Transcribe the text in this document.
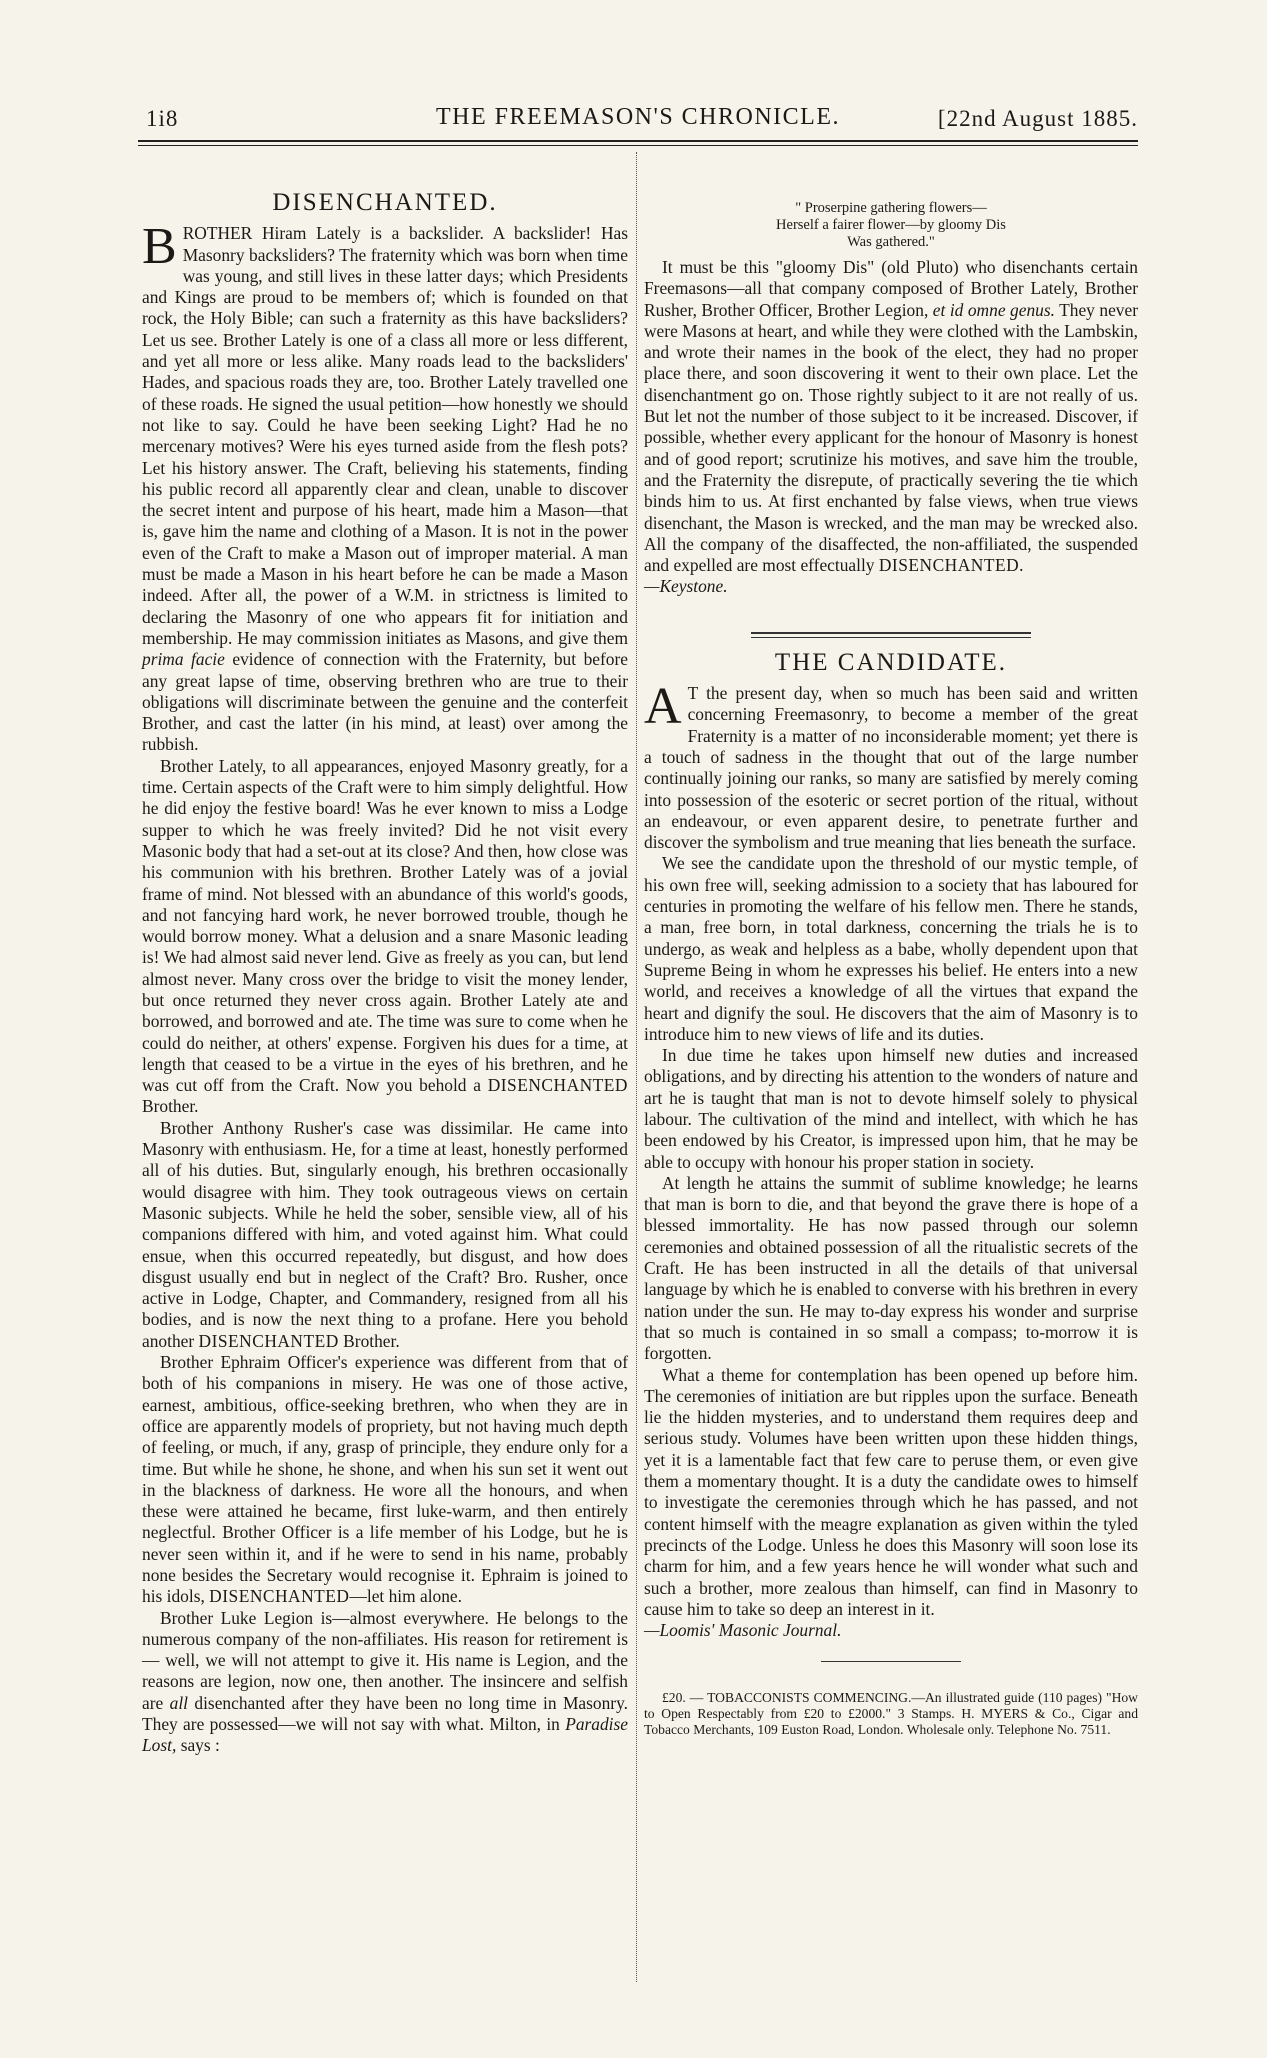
1i8	THE FREEMASON'S CHRONICLE.	[22nd August 1885.
DISENCHANTED.

BROTHER Hiram Lately is a backslider. A backslider! Has Masonry backsliders? The fraternity which was born when time was young, and still lives in these latter days; which Presidents and Kings are proud to be members of; which is founded on that rock, the Holy Bible; can such a fraternity as this have backsliders? Let us see. Brother Lately is one of a class all more or less different, and yet all more or less alike. Many roads lead to the backsliders' Hades, and spacious roads they are, too. Brother Lately travelled one of these roads. He signed the usual petition—how honestly we should not like to say. Could he have been seeking Light? Had he no mercenary motives? Were his eyes turned aside from the flesh pots? Let his history answer. The Craft, believing his statements, finding his public record all apparently clear and clean, unable to discover the secret intent and purpose of his heart, made him a Mason—that is, gave him the name and clothing of a Mason. It is not in the power even of the Craft to make a Mason out of improper material. A man must be made a Mason in his heart before he can be made a Mason indeed. After all, the power of a W.M. in strictness is limited to declaring the Masonry of one who appears fit for initiation and membership. He may commission initiates as Masons, and give them prima facie evidence of connection with the Fraternity, but before any great lapse of time, observing brethren who are true to their obligations will discriminate between the genuine and the conterfeit Brother, and cast the latter (in his mind, at least) over among the rubbish.

Brother Lately, to all appearances, enjoyed Masonry greatly, for a time. Certain aspects of the Craft were to him simply delightful. How he did enjoy the festive board! Was he ever known to miss a Lodge supper to which he was freely invited? Did he not visit every Masonic body that had a set-out at its close? And then, how close was his communion with his brethren. Brother Lately was of a jovial frame of mind. Not blessed with an abundance of this world's goods, and not fancying hard work, he never borrowed trouble, though he would borrow money. What a delusion and a snare Masonic leading is! We had almost said never lend. Give as freely as you can, but lend almost never. Many cross over the bridge to visit the money lender, but once returned they never cross again. Brother Lately ate and borrowed, and borrowed and ate. The time was sure to come when he could do neither, at others' expense. Forgiven his dues for a time, at length that ceased to be a virtue in the eyes of his brethren, and he was cut off from the Craft. Now you behold a DISENCHANTED Brother.

Brother Anthony Rusher's case was dissimilar. He came into Masonry with enthusiasm. He, for a time at least, honestly performed all of his duties. But, singularly enough, his brethren occasionally would disagree with him. They took outrageous views on certain Masonic subjects. While he held the sober, sensible view, all of his companions differed with him, and voted against him. What could ensue, when this occurred repeatedly, but disgust, and how does disgust usually end but in neglect of the Craft? Bro. Rusher, once active in Lodge, Chapter, and Commandery, resigned from all his bodies, and is now the next thing to a profane. Here you behold another DISENCHANTED Brother.

Brother Ephraim Officer's experience was different from that of both of his companions in misery. He was one of those active, earnest, ambitious, office-seeking brethren, who when they are in office are apparently models of propriety, but not having much depth of feeling, or much, if any, grasp of principle, they endure only for a time. But while he shone, he shone, and when his sun set it went out in the blackness of darkness. He wore all the honours, and when these were attained he became, first luke-warm, and then entirely neglectful. Brother Officer is a life member of his Lodge, but he is never seen within it, and if he were to send in his name, probably none besides the Secretary would recognise it. Ephraim is joined to his idols, DISENCHANTED—let him alone.

Brother Luke Legion is—almost everywhere. He belongs to the numerous company of the non-affiliates. His reason for retirement is — well, we will not attempt to give it. His name is Legion, and the reasons are legion, now one, then another. The insincere and selfish are all disenchanted after they have been no long time in Masonry. They are possessed—we will not say with what. Milton, in Paradise Lost, says :

" Proserpine gathering flowers—
Herself a fairer flower—by gloomy Dis
Was gathered."

It must be this "gloomy Dis" (old Pluto) who disenchants certain Freemasons—all that company composed of Brother Lately, Brother Rusher, Brother Officer, Brother Legion, et id omne genus. They never were Masons at heart, and while they were clothed with the Lambskin, and wrote their names in the book of the elect, they had no proper place there, and soon discovering it went to their own place. Let the disenchantment go on. Those rightly subject to it are not really of us. But let not the number of those subject to it be increased. Discover, if possible, whether every applicant for the honour of Masonry is honest and of good report; scrutinize his motives, and save him the trouble, and the Fraternity the disrepute, of practically severing the tie which binds him to us. At first enchanted by false views, when true views disenchant, the Mason is wrecked, and the man may be wrecked also. All the company of the disaffected, the non-affiliated, the suspended and expelled are most effectually DISENCHANTED.

—Keystone.

THE CANDIDATE.

A T the present day, when so much has been said and written concerning Freemasonry, to become a member of the great Fraternity is a matter of no inconsiderable moment; yet there is a touch of sadness in the thought that out of the large number continually joining our ranks, so many are satisfied by merely coming into possession of the esoteric or secret portion of the ritual, without an endeavour, or even apparent desire, to penetrate further and discover the symbolism and true meaning that lies beneath the surface.

We see the candidate upon the threshold of our mystic temple, of his own free will, seeking admission to a society that has laboured for centuries in promoting the welfare of his fellow men. There he stands, a man, free born, in total darkness, concerning the trials he is to undergo, as weak and helpless as a babe, wholly dependent upon that Supreme Being in whom he expresses his belief. He enters into a new world, and receives a knowledge of all the virtues that expand the heart and dignify the soul. He discovers that the aim of Masonry is to introduce him to new views of life and its duties.

In due time he takes upon himself new duties and increased obligations, and by directing his attention to the wonders of nature and art he is taught that man is not to devote himself solely to physical labour. The cultivation of the mind and intellect, with which he has been endowed by his Creator, is impressed upon him, that he may be able to occupy with honour his proper station in society.

At length he attains the summit of sublime knowledge; he learns that man is born to die, and that beyond the grave there is hope of a blessed immortality. He has now passed through our solemn ceremonies and obtained possession of all the ritualistic secrets of the Craft. He has been instructed in all the details of that universal language by which he is enabled to converse with his brethren in every nation under the sun. He may to-day express his wonder and surprise that so much is contained in so small a compass; to-morrow it is forgotten.

What a theme for contemplation has been opened up before him. The ceremonies of initiation are but ripples upon the surface. Beneath lie the hidden mysteries, and to understand them requires deep and serious study. Volumes have been written upon these hidden things, yet it is a lamentable fact that few care to peruse them, or even give them a momentary thought. It is a duty the candidate owes to himself to investigate the ceremonies through which he has passed, and not content himself with the meagre explanation as given within the tyled precincts of the Lodge. Unless he does this Masonry will soon lose its charm for him, and a few years hence he will wonder what such and such a brother, more zealous than himself, can find in Masonry to cause him to take so deep an interest in it.

—Loomis' Masonic Journal.

£20. — TOBACCONISTS COMMENCING.—An illustrated guide (110 pages) "How to Open Respectably from £20 to £2000." 3 Stamps. H. MYERS & Co., Cigar and Tobacco Merchants, 109 Euston Road, London. Wholesale only. Telephone No. 7511.
